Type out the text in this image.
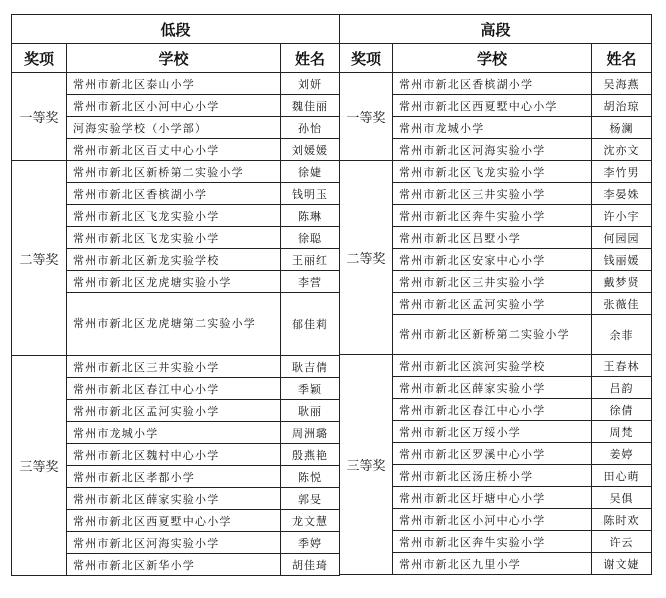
低段		
奖项	学校	姓名
一等奖	常州市新北区泰山小学	刘妍
	常州市新北区小河中心小学	魏佳丽
	河海实验学校（小学部）	孙怡
	常州市新北区百丈中心小学	刘媛媛
二等奖	常州市新北区新桥第二实验小学	徐婕
	常州市新北区香槟湖小学	钱明玉
	常州市新北区飞龙实验小学	陈琳
	常州市新北区飞龙实验小学	徐聪
	常州市新北区新龙实验学校	王丽红
	常州市新北区龙虎塘实验小学	李营
	常州市新北区龙虎塘第二实验小学	郁佳莉
三等奖	常州市新北区三井实验小学	耿吉倩
	常州市新北区春江中心小学	季颖
	常州市新北区孟河实验小学	耿丽
	常州市龙城小学	周洲璐
	常州市新北区魏村中心小学	殷燕艳
	常州市新北区孝都小学	陈悦
	常州市新北区薛家实验小学	郭旻
	常州市新北区西夏墅中心小学	龙文慧
	常州市新北区河海实验小学	季婷
	常州市新北区新华小学	胡佳琦
高段		
奖项	学校	姓名
一等奖	常州市新北区香槟湖小学	吴海燕
	常州市新北区西夏墅中心小学	胡治琼
	常州市龙城小学	杨澜
	常州市新北区河海实验小学	沈亦文
二等奖	常州市新北区飞龙实验小学	李竹男
	常州市新北区三井实验小学	李晏姝
	常州市新北区奔牛实验小学	许小宇
	常州市新北区吕墅小学	何园园
	常州市新北区安家中心小学	钱丽媛
	常州市新北区三井实验小学	戴梦贤
	常州市新北区孟河实验小学	张薇佳
	常州市新北区新桥第二实验小学	余菲
三等奖	常州市新北区滨河实验学校	王春林
	常州市新北区薛家实验小学	吕韵
	常州市新北区春江中心小学	徐倩
	常州市新北区万绥小学	周梵
	常州市新北区罗溪中心小学	姜婷
	常州市新北区汤庄桥小学	田心萌
	常州市新北区圩塘中心小学	吴俱
	常州市新北区小河中心小学	陈时欢
	常州市新北区奔牛实验小学	许云
	常州市新北区九里小学	谢文婕
